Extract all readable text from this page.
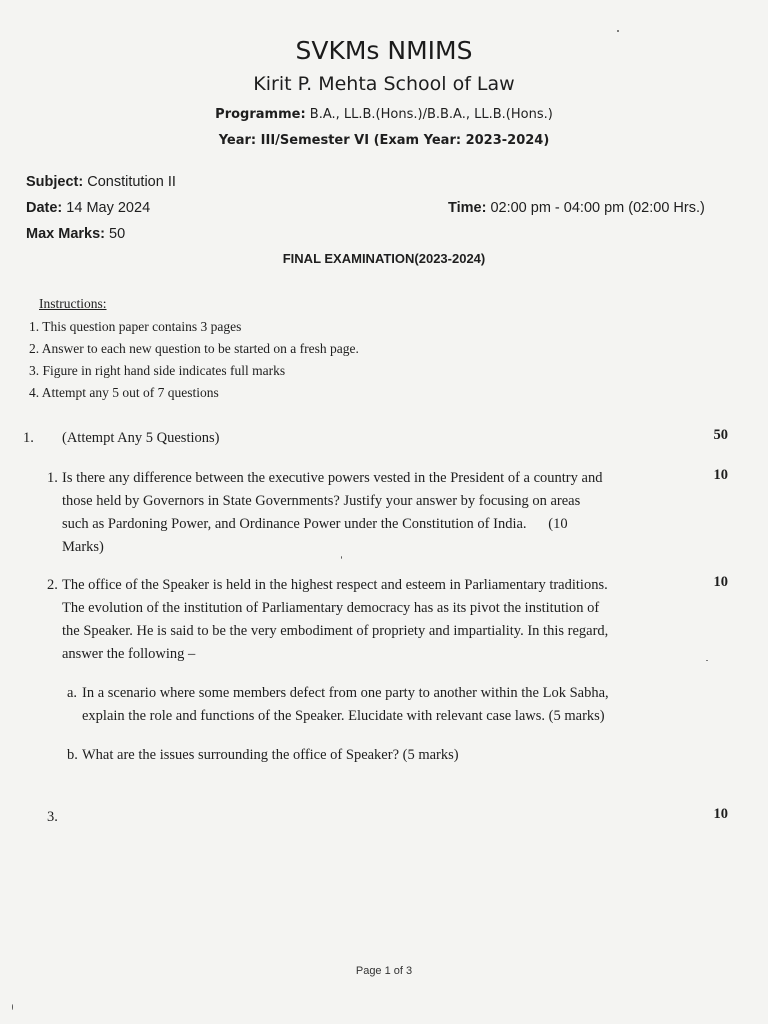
SVKMs NMIMS
Kirit P. Mehta School of Law
Programme: B.A., LL.B.(Hons.)/B.B.A., LL.B.(Hons.)
Year: III/Semester VI (Exam Year: 2023-2024)
Subject: Constitution II
Date: 14 May 2024	Time: 02:00 pm - 04:00 pm (02:00 Hrs.)
Max Marks: 50
FINAL EXAMINATION(2023-2024)
Instructions:
1. This question paper contains 3 pages
2. Answer to each new question to be started on a fresh page.
3. Figure in right hand side indicates full marks
4. Attempt any 5 out of 7 questions
1. (Attempt Any 5 Questions)	50
1. Is there any difference between the executive powers vested in the President of a country and
those held by Governors in State Governments? Justify your answer by focusing on areas
such as Pardoning Power, and Ordinance Power under the Constitution of India.      (10
Marks)
10
2. The office of the Speaker is held in the highest respect and esteem in Parliamentary traditions.
The evolution of the institution of Parliamentary democracy has as its pivot the institution of
the Speaker. He is said to be the very embodiment of propriety and impartiality. In this regard,
answer the following –
10
a. In a scenario where some members defect from one party to another within the Lok Sabha,
explain the role and functions of the Speaker. Elucidate with relevant case laws. (5 marks)
b. What are the issues surrounding the office of Speaker? (5 marks)
3.	10
Page 1 of 3
